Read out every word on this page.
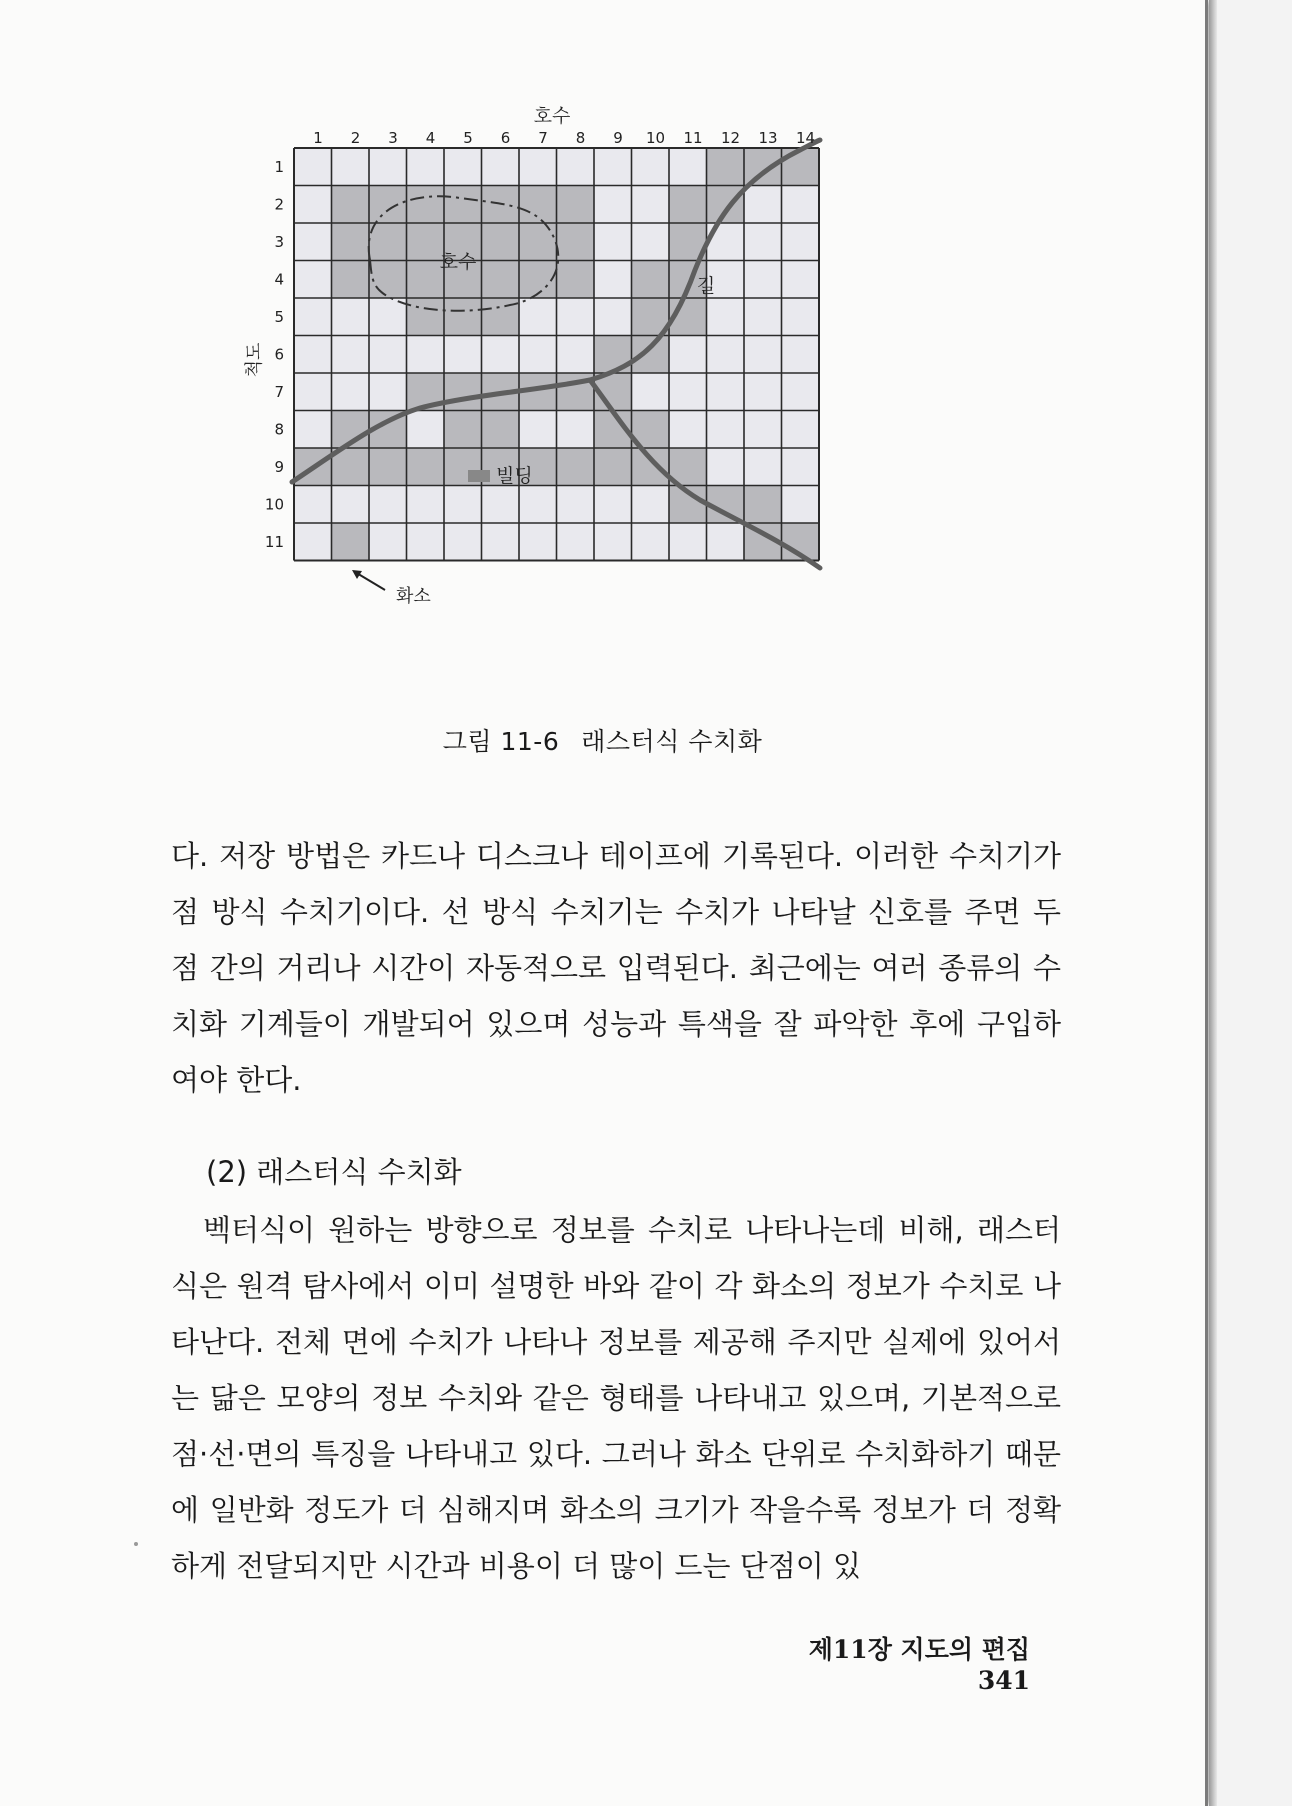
호수
1 2 3 4 5 6 7 8 9 10 11 12 13 14
1
2
3
4
5
6
7
8
9
10
11
척도
호수
길
빌딩
화소
그림 11-6 래스터식 수치화

다. 저장 방법은 카드나 디스크나 테이프에 기록된다. 이러한 수치기가 점 방식 수치기이다. 선 방식 수치기는 수치가 나타날 신호를 주면 두 점 간의 거리나 시간이 자동적으로 입력된다. 최근에는 여러 종류의 수치화 기계들이 개발되어 있으며 성능과 특색을 잘 파악한 후에 구입하여야 한다.

(2) 래스터식 수치화

벡터식이 원하는 방향으로 정보를 수치로 나타나는데 비해, 래스터식은 원격 탐사에서 이미 설명한 바와 같이 각 화소의 정보가 수치로 나타난다. 전체 면에 수치가 나타나 정보를 제공해 주지만 실제에 있어서는 닮은 모양의 정보 수치와 같은 형태를 나타내고 있으며, 기본적으로 점·선·면의 특징을 나타내고 있다. 그러나 화소 단위로 수치화하기 때문에 일반화 정도가 더 심해지며 화소의 크기가 작을수록 정보가 더 정확하게 전달되지만 시간과 비용이 더 많이 드는 단점이 있

제11장 지도의 편집 341
